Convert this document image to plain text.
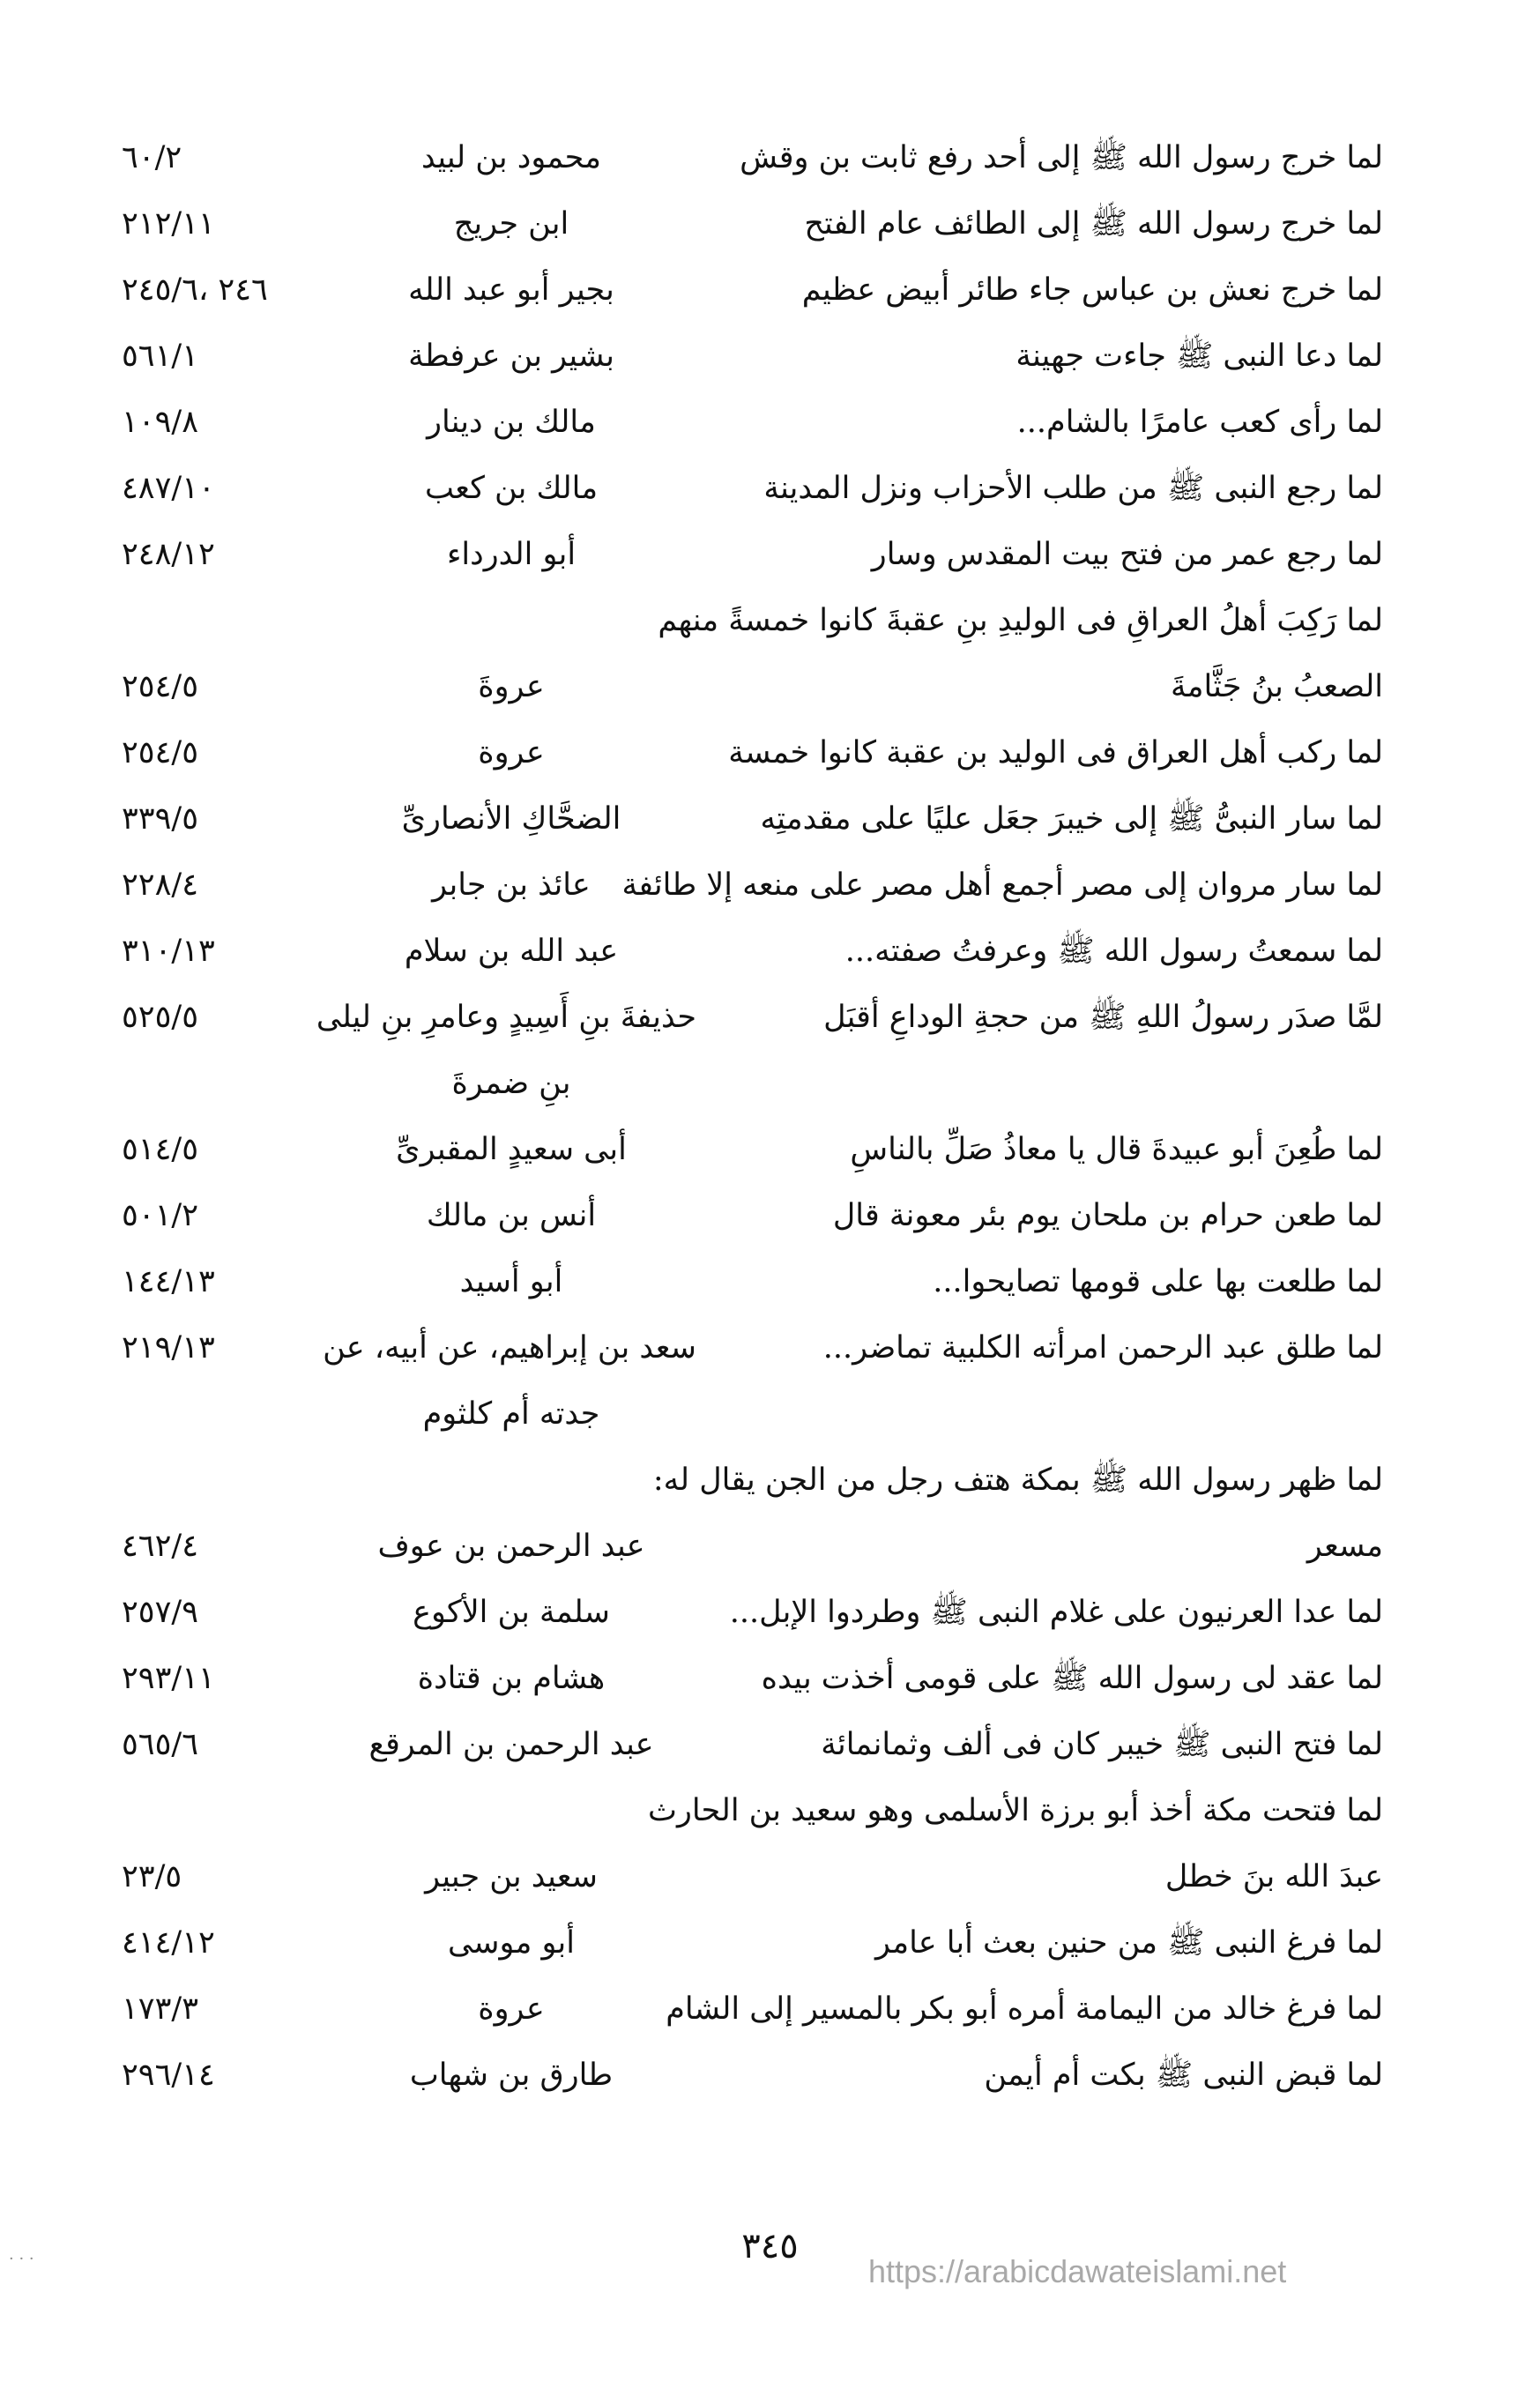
لما خرج رسول الله ﷺ إلى أحد رفع ثابت بن وقش
محمود بن لبيد
٦٠/٢
لما خرج رسول الله ﷺ إلى الطائف عام الفتح
ابن جريج
٢١٢/١١
لما خرج نعش بن عباس جاء طائر أبيض عظيم
بجير أبو عبد الله
٢٤٦ ،٢٤٥/٦
لما دعا النبى ﷺ جاءت جهينة
بشير بن عرفطة
٥٦١/١
لما رأى كعب عامرًا بالشام...
مالك بن دينار
١٠٩/٨
لما رجع النبى ﷺ من طلب الأحزاب ونزل المدينة
مالك بن كعب
٤٨٧/١٠
لما رجع عمر من فتح بيت المقدس وسار
أبو الدرداء
٢٤٨/١٢
لما رَكِبَ أهلُ العراقِ فى الوليدِ بنِ عقبةَ كانوا خمسةً منهم
الصعبُ بنُ جَثَّامةَ
عروةَ
٢٥٤/٥
لما ركب أهل العراق فى الوليد بن عقبة كانوا خمسة
عروة
٢٥٤/٥
لما سار النبىُّ ﷺ إلى خيبرَ جعَل عليًا على مقدمتِه
الضحَّاكِ الأنصارىِّ
٣٣٩/٥
لما سار مروان إلى مصر أجمع أهل مصر على منعه إلا طائفة
عائذ بن جابر
٢٢٨/٤
لما سمعتُ رسول الله ﷺ وعرفتُ صفته...
عبد الله بن سلام
٣١٠/١٣
لمَّا صدَر رسولُ اللهِ ﷺ من حجةِ الوداعِ أقبَل
حذيفةَ بنِ أَسِيدٍ وعامرِ بنِ ليلى
٥٢٥/٥
بنِ ضمرةَ
لما طُعِنَ أبو عبيدةَ قال يا معاذُ صَلِّ بالناسِ
أبى سعيدٍ المقبرىِّ
٥١٤/٥
لما طعن حرام بن ملحان يوم بئر معونة قال
أنس بن مالك
٥٠١/٢
لما طلعت بها على قومها تصايحوا...
أبو أسيد
١٤٤/١٣
لما طلق عبد الرحمن امرأته الكلبية تماضر...
سعد بن إبراهيم، عن أبيه، عن
٢١٩/١٣
جدته أم كلثوم
لما ظهر رسول الله ﷺ بمكة هتف رجل من الجن يقال له:
مسعر
عبد الرحمن بن عوف
٤٦٢/٤
لما عدا العرنيون على غلام النبى ﷺ وطردوا الإبل...
سلمة بن الأكوع
٢٥٧/٩
لما عقد لى رسول الله ﷺ على قومى أخذت بيده
هشام بن قتادة
٢٩٣/١١
لما فتح النبى ﷺ خيبر كان فى ألف وثمانمائة
عبد الرحمن بن المرقع
٥٦٥/٦
لما فتحت مكة أخذ أبو برزة الأسلمى وهو سعيد بن الحارث
عبدَ الله بنَ خطل
سعيد بن جبير
٢٣/٥
لما فرغ النبى ﷺ من حنين بعث أبا عامر
أبو موسى
٤١٤/١٢
لما فرغ خالد من اليمامة أمره أبو بكر بالمسير إلى الشام
عروة
١٧٣/٣
لما قبض النبى ﷺ بكت أم أيمن
طارق بن شهاب
٢٩٦/١٤
٣٤٥
https://arabicdawateislami.net
· · ·
